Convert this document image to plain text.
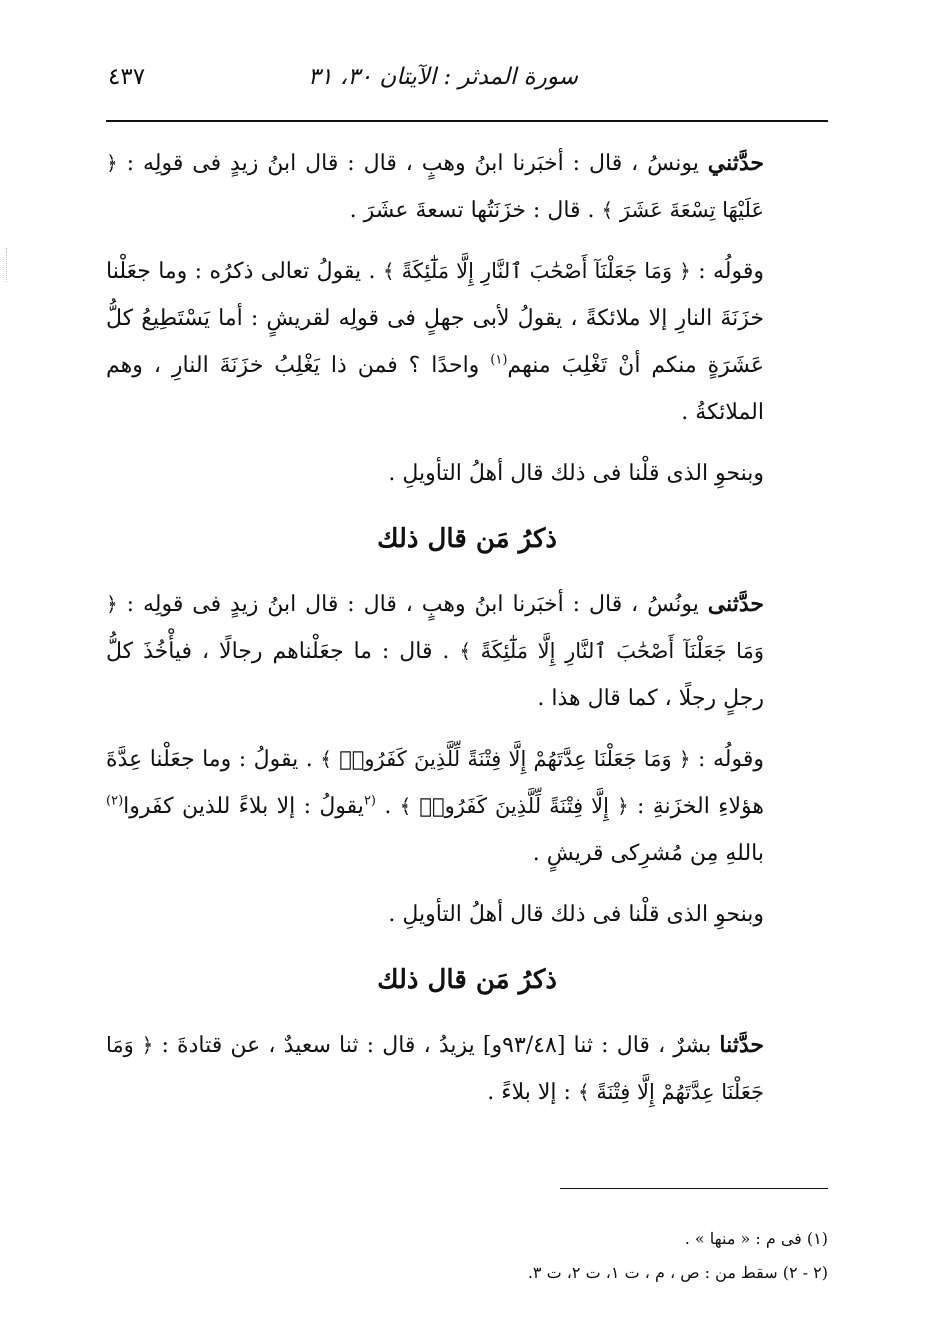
سورة المدثر : الآيتان ٣٠، ٣١
٤٣٧

حدَّثني يونسُ ، قال : أخبَرنا ابنُ وهبٍ ، قال : قال ابنُ زيدٍ فى قولِه : ﴿ عَلَيْهَا تِسْعَةَ عَشَرَ ﴾ . قال : خزَنَتُها تسعةَ عشَرَ .

وقولُه : ﴿ وَمَا جَعَلْنَآ أَصْحَٰبَ ٱلنَّارِ إِلَّا مَلَٰٓئِكَةً ﴾ . يقولُ تعالى ذكرُه : وما جعَلْنا خزَنَةَ النارِ إلا ملائكةً ، يقولُ لأبى جهلٍ فى قولِه لقريشٍ : أما يَسْتَطِيعُ كلُّ عَشَرَةٍ منكم أنْ تَغْلِبَ منهم$^{(١)}$ واحدًا ؟ فمن ذا يَغْلِبُ خزَنَةَ النارِ ، وهم الملائكةُ .

وبنحوِ الذى قلْنا فى ذلك قال أهلُ التأويلِ .

ذكرُ مَن قال ذلك

حدَّثنى يونُسُ ، قال : أخبَرنا ابنُ وهبٍ ، قال : قال ابنُ زيدٍ فى قولِه : ﴿ وَمَا جَعَلْنَآ أَصْحَٰبَ ٱلنَّارِ إِلَّا مَلَٰٓئِكَةً ﴾ . قال : ما جعَلْناهم رجالًا ، فيأْخُذَ كلُّ رجلٍ رجلًا ، كما قال هذا .

وقولُه : ﴿ وَمَا جَعَلْنَا عِدَّتَهُمْ إِلَّا فِتْنَةً لِّلَّذِينَ كَفَرُوا۟ ﴾ . يقولُ : وما جعَلْنا عِدَّةَ هؤلاءِ الخزَنةِ : ﴿ إِلَّا فِتْنَةً لِّلَّذِينَ كَفَرُوا۟ ﴾ . $^{(٢}$يقولُ : إلا بلاءً للذين كفَروا$^{(٢)}$ باللهِ مِن مُشرِكى قريشٍ .

وبنحوِ الذى قلْنا فى ذلك قال أهلُ التأويلِ .

ذكرُ مَن قال ذلك

حدَّثنا بشرٌ ، قال : ثنا [٩٣/٤٨و] يزيدُ ، قال : ثنا سعيدٌ ، عن قتادةَ : ﴿ وَمَا جَعَلْنَا عِدَّتَهُمْ إِلَّا فِتْنَةً ﴾ : إلا بلاءً .

(١) فى م : « منها » .
(٢ - ٢) سقط من : ص ، م ، ت ١، ت ٢، ت ٣.
